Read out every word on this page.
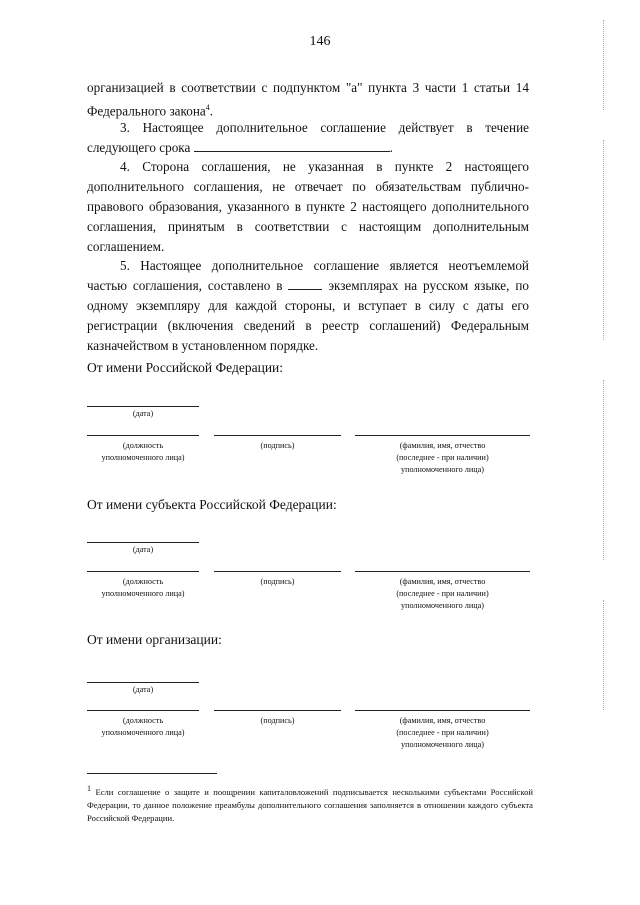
146

организацией в соответствии с подпунктом "а" пункта 3 части 1 статьи 14 Федерального закона$^4$.

3. Настоящее дополнительное соглашение действует в течение следующего срока	.

4. Сторона соглашения, не указанная в пункте 2 настоящего дополнительного соглашения, не отвечает по обязательствам публично-правового образования, указанного в пункте 2 настоящего дополнительного соглашения, принятым в соответствии с настоящим дополнительным соглашением.

5. Настоящее дополнительное соглашение является неотъемлемой частью соглашения, составлено в	экземплярах на русском языке, по одному экземпляру для каждой стороны, и вступает в силу с даты его регистрации (включения сведений в реестр соглашений) Федеральным казначейством в установленном порядке.

От имени Российской Федерации:
(дата)
(должность
уполномоченного лица)
(подпись)	(фамилия, имя, отчество
(последнее - при наличии)
уполномоченного лица)
От имени субъекта Российской Федерации:
(дата)
(должность
уполномоченного лица)
(подпись)	(фамилия, имя, отчество
(последнее - при наличии)
уполномоченного лица)
От имени организации:
(дата)
(должность
уполномоченного лица)
(подпись)	(фамилия, имя, отчество
(последнее - при наличии)
уполномоченного лица)

$^1$ Если соглашение о защите и поощрении капиталовложений подписывается несколькими субъектами Российской Федерации, то данное положение преамбулы дополнительного соглашения заполняется в отношении каждого субъекта Российской Федерации.
